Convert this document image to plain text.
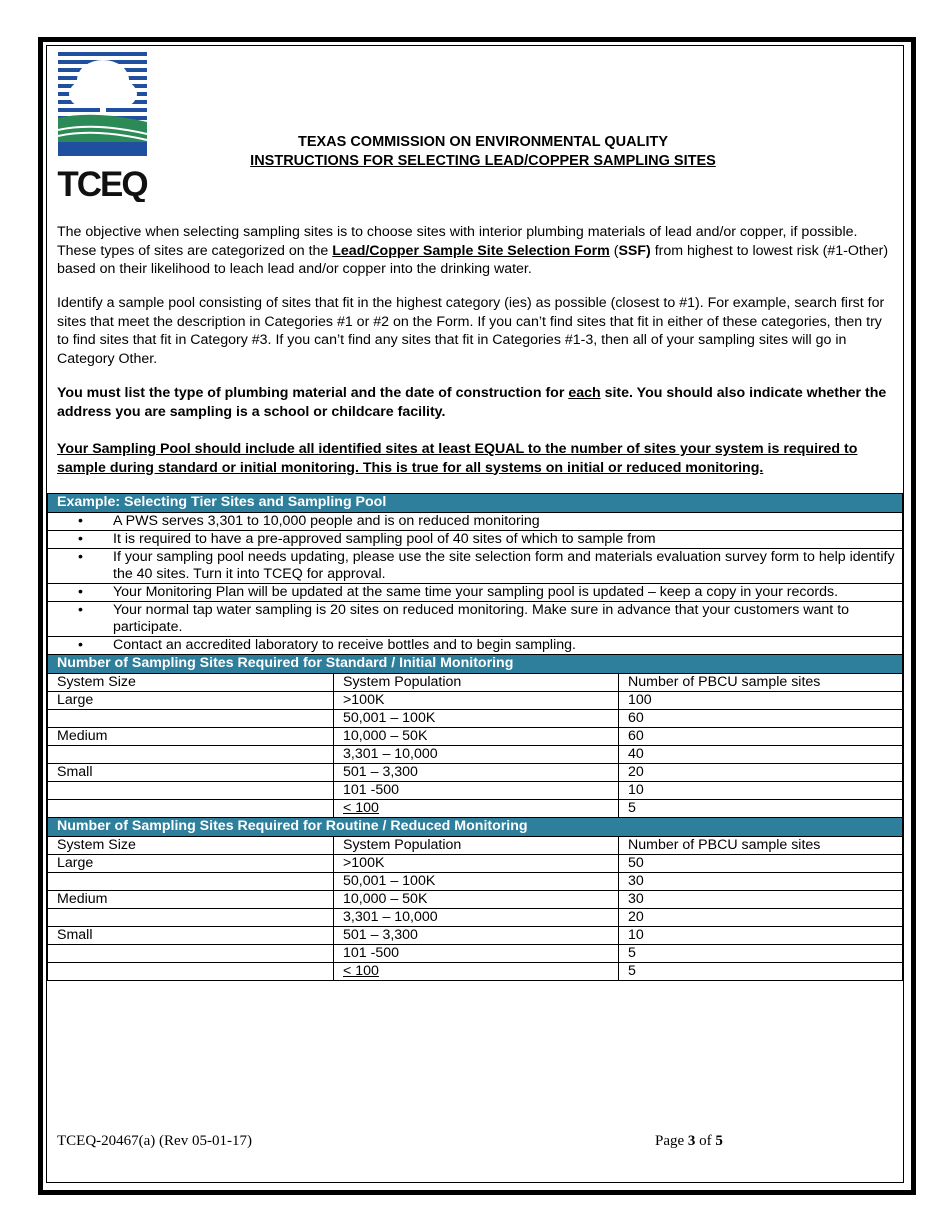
TCEQ
TEXAS COMMISSION ON ENVIRONMENTAL QUALITY
INSTRUCTIONS FOR SELECTING LEAD/COPPER SAMPLING SITES
The objective when selecting sampling sites is to choose sites with interior plumbing materials of lead and/or copper, if possible. These types of sites are categorized on the Lead/Copper Sample Site Selection Form (SSF) from highest to lowest risk (#1-Other) based on their likelihood to leach lead and/or copper into the drinking water.
Identify a sample pool consisting of sites that fit in the highest category (ies) as possible (closest to #1). For example, search first for sites that meet the description in Categories #1 or #2 on the Form. If you can’t find sites that fit in either of these categories, then try to find sites that fit in Category #3. If you can’t find any sites that fit in Categories #1-3, then all of your sampling sites will go in Category Other.
You must list the type of plumbing material and the date of construction for each site. You should also indicate whether the address you are sampling is a school or childcare facility.
Your Sampling Pool should include all identified sites at least EQUAL to the number of sites your system is required to sample during standard or initial monitoring. This is true for all systems on initial or reduced monitoring.
Example: Selecting Tier Sites and Sampling Pool		

• A PWS serves 3,301 to 10,000 people and is on reduced monitoring		

• It is required to have a pre-approved sampling pool of 40 sites of which to sample from		

• If your sampling pool needs updating, please use the site selection form and materials evaluation survey form to help identify the 40 sites. Turn it into TCEQ for approval.		

• Your Monitoring Plan will be updated at the same time your sampling pool is updated – keep a copy in your records.		

• Your normal tap water sampling is 20 sites on reduced monitoring. Make sure in advance that your customers want to participate.		

• Contact an accredited laboratory to receive bottles and to begin sampling.		

Number of Sampling Sites Required for Standard / Initial Monitoring		
System Size	System Population	Number of PBCU sample sites
Large	>100K	100
	50,001 – 100K	60
Medium	10,000 – 50K	60
	3,301 – 10,000	40
Small	501 – 3,300	20
	101 -500	10
	< 100	5
Number of Sampling Sites Required for Routine / Reduced Monitoring		
System Size	System Population	Number of PBCU sample sites
Large	>100K	50
	50,001 – 100K	30
Medium	10,000 – 50K	30
	3,301 – 10,000	20
Small	501 – 3,300	10
	101 -500	5
	< 100	5
TCEQ-20467(a) (Rev 05-01-17)	Page 3 of 5
